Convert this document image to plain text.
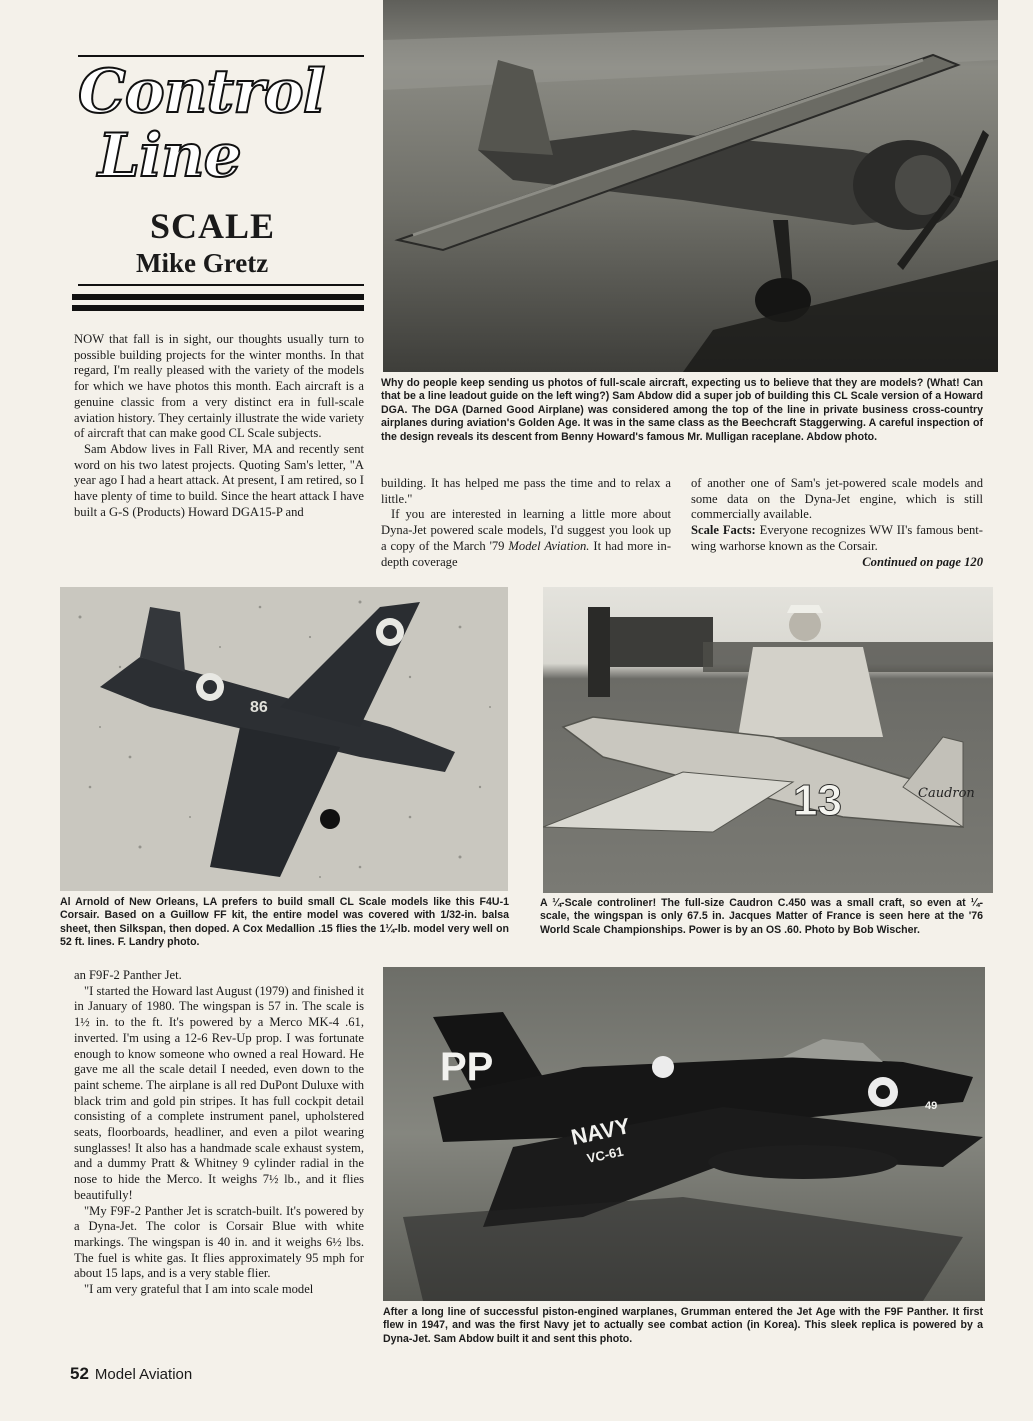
Control
Line
SCALE
Mike Gretz
Why do people keep sending us photos of full-scale aircraft, expecting us to believe that they are models? (What! Can that be a line leadout guide on the left wing?) Sam Abdow did a super job of building this CL Scale version of a Howard DGA. The DGA (Darned Good Airplane) was considered among the top of the line in private business cross-country airplanes during aviation's Golden Age. It was in the same class as the Beechcraft Staggerwing. A careful inspection of the design reveals its descent from Benny Howard's famous Mr. Mulligan raceplane. Abdow photo.

NOW that fall is in sight, our thoughts usually turn to possible building projects for the winter months. In that regard, I'm really pleased with the variety of the models for which we have photos this month. Each aircraft is a genuine classic from a very distinct era in full-scale aviation history. They certainly illustrate the wide variety of aircraft that can make good CL Scale subjects.

Sam Abdow lives in Fall River, MA and recently sent word on his two latest projects. Quoting Sam's letter, "A year ago I had a heart attack. At present, I am retired, so I have plenty of time to build. Since the heart attack I have built a G-S (Products) Howard DGA15-P and

building. It has helped me pass the time and to relax a little."

If you are interested in learning a little more about Dyna-Jet powered scale models, I'd suggest you look up a copy of the March '79 Model Aviation. It had more in-depth coverage

of another one of Sam's jet-powered scale models and some data on the Dyna-Jet engine, which is still commercially available.

Scale Facts: Everyone recognizes WW II's famous bent-wing warhorse known as the Corsair.

Continued on page 120

86
Al Arnold of New Orleans, LA prefers to build small CL Scale models like this F4U-1 Corsair. Based on a Guillow FF kit, the entire model was covered with 1/32-in. balsa sheet, then Silkspan, then doped. A Cox Medallion .15 flies the 1¼-lb. model very well on 52 ft. lines. F. Landry photo.
13	Caudron
A ¼-Scale controliner! The full-size Caudron C.450 was a small craft, so even at ¼-scale, the wingspan is only 67.5 in. Jacques Matter of France is seen here at the '76 World Scale Championships. Power is by an OS .60. Photo by Bob Wischer.

an F9F-2 Panther Jet.

"I started the Howard last August (1979) and finished it in January of 1980. The wingspan is 57 in. The scale is 1½ in. to the ft. It's powered by a Merco MK-4 .61, inverted. I'm using a 12-6 Rev-Up prop. I was fortunate enough to know someone who owned a real Howard. He gave me all the scale detail I needed, even down to the paint scheme. The airplane is all red DuPont Duluxe with black trim and gold pin stripes. It has full cockpit detail consisting of a complete instrument panel, upholstered seats, floorboards, headliner, and even a pilot wearing sunglasses! It also has a handmade scale exhaust system, and a dummy Pratt & Whitney 9 cylinder radial in the nose to hide the Merco. It weighs 7½ lb., and it flies beautifully!

"My F9F-2 Panther Jet is scratch-built. It's powered by a Dyna-Jet. The color is Corsair Blue with white markings. The wingspan is 40 in. and it weighs 6½ lbs. The fuel is white gas. It flies approximately 95 mph for about 15 laps, and is a very stable flier.

"I am very grateful that I am into scale model

PP
NAVY
VC-61
49
After a long line of successful piston-engined warplanes, Grumman entered the Jet Age with the F9F Panther. It first flew in 1947, and was the first Navy jet to actually see combat action (in Korea). This sleek replica is powered by a Dyna-Jet. Sam Abdow built it and sent this photo.
52 Model Aviation
